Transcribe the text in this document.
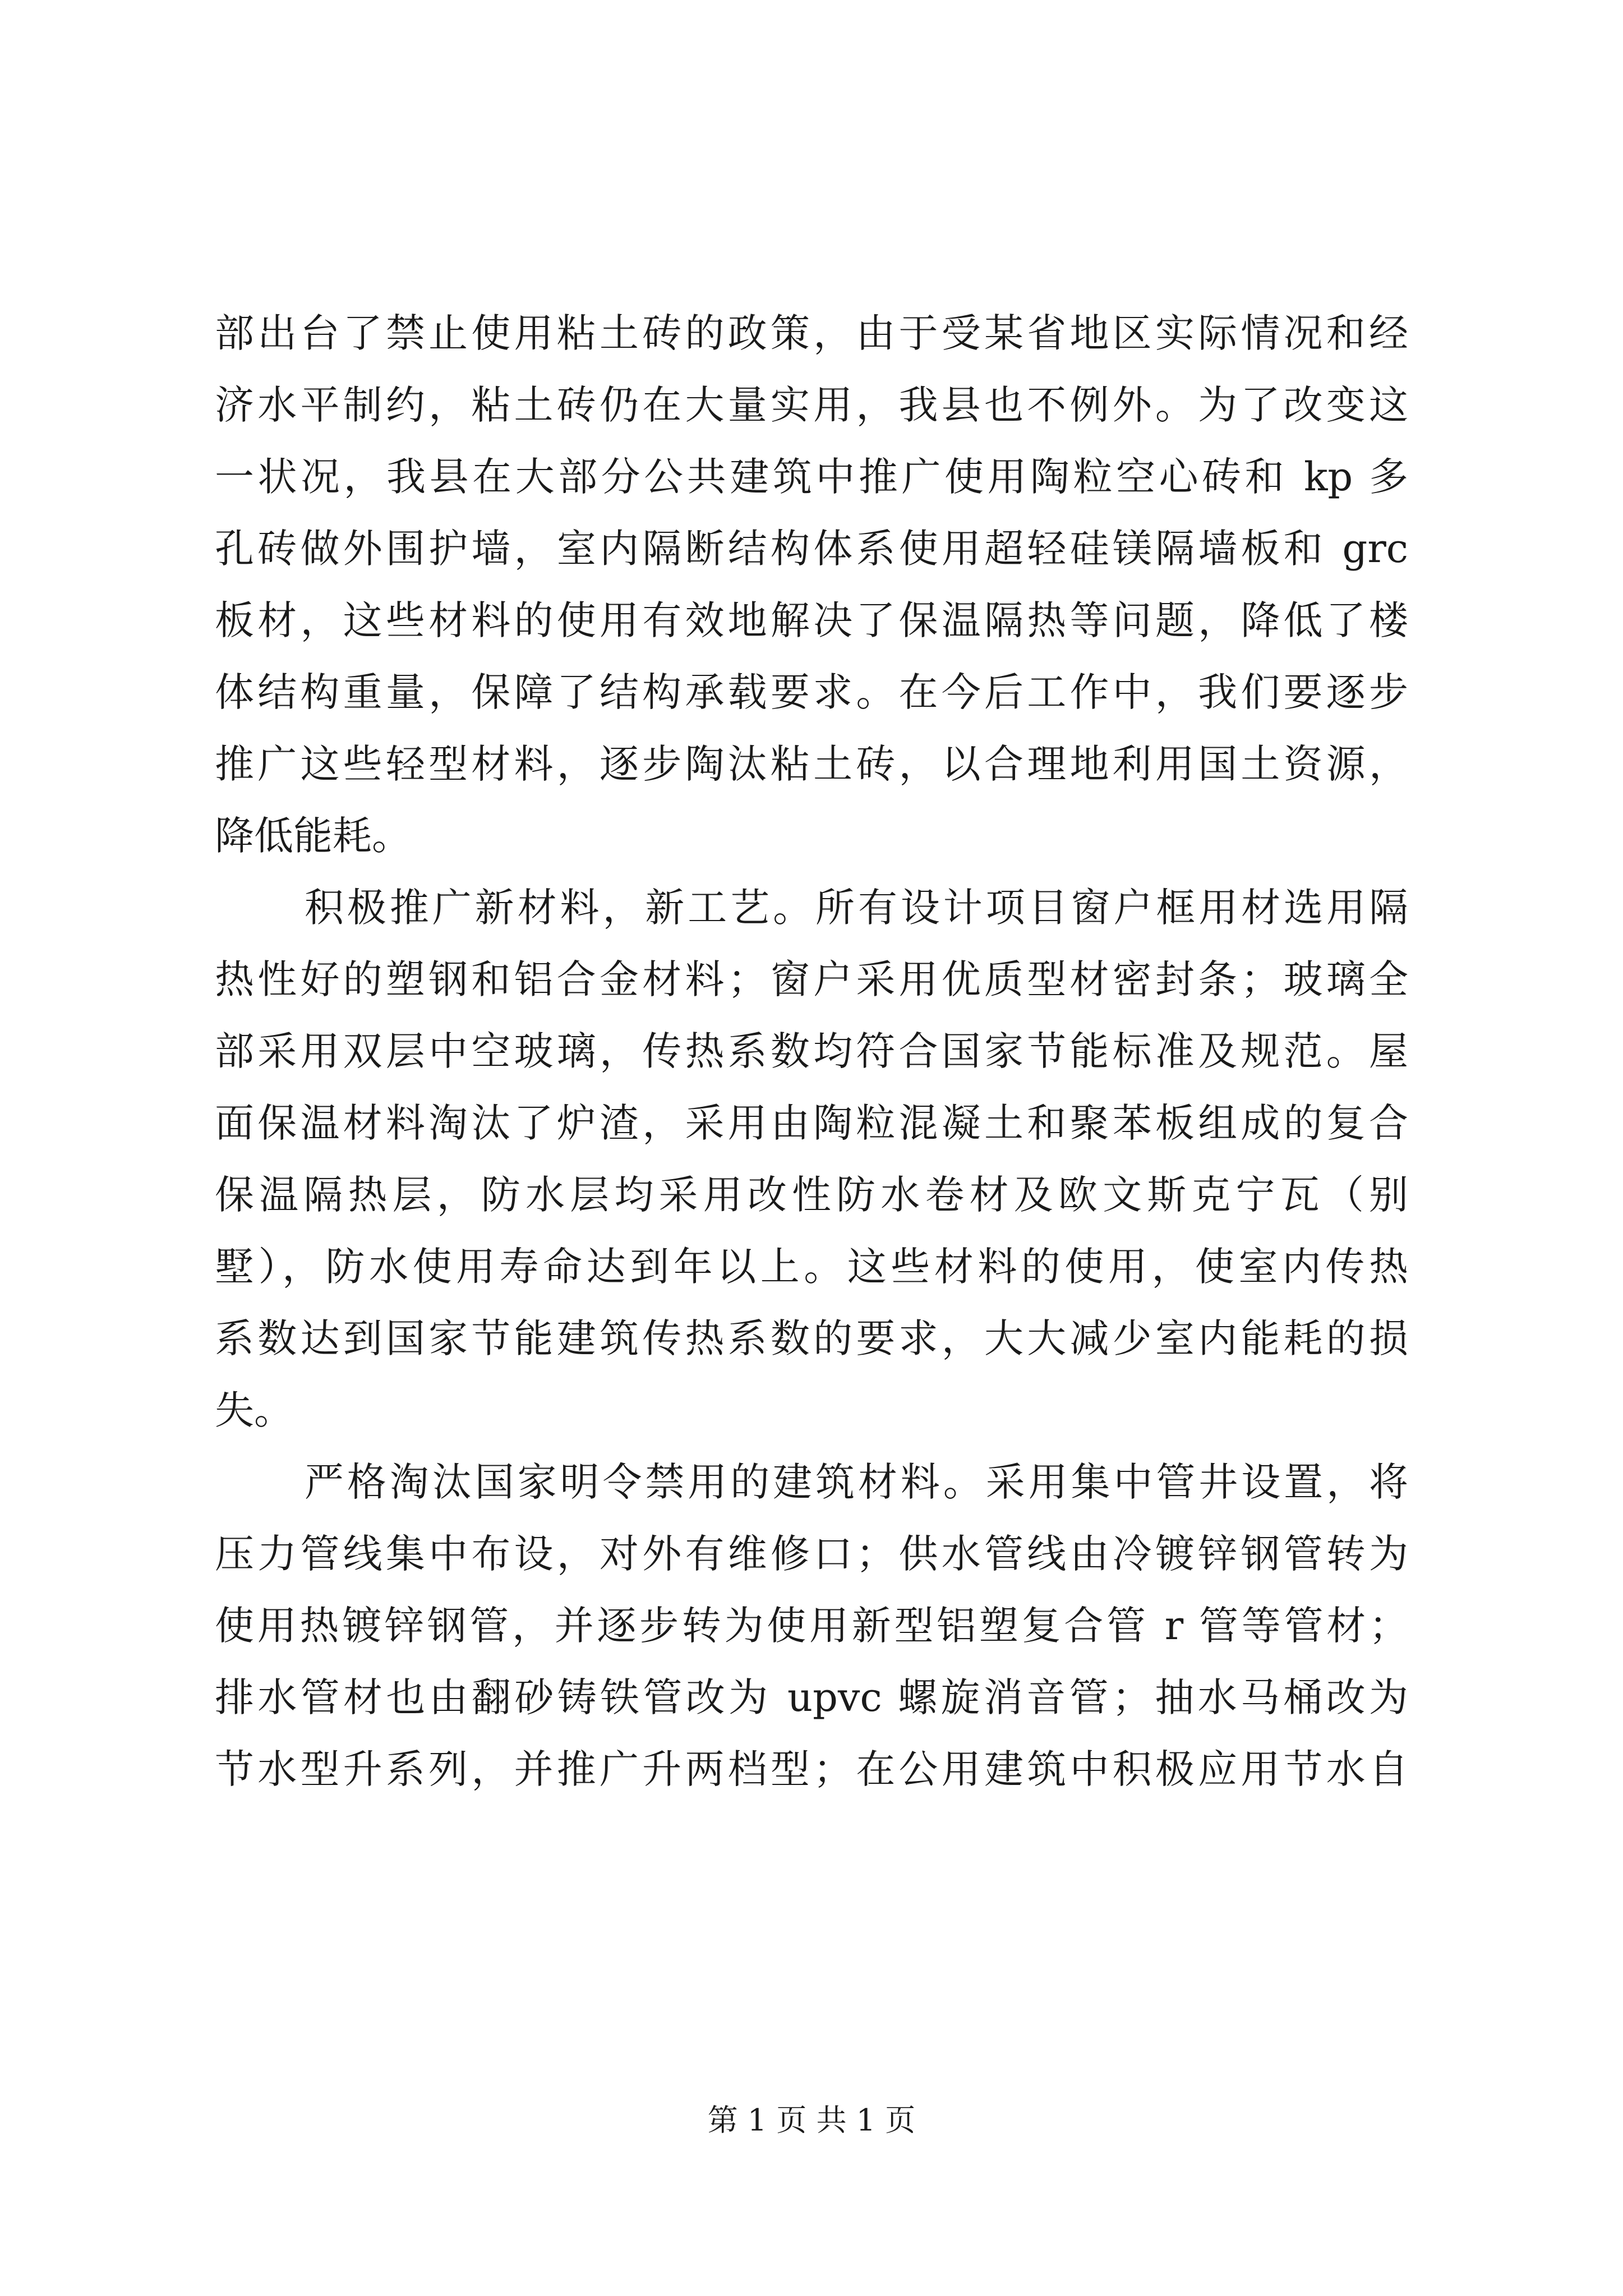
部出台了禁止使用粘土砖的政策，由于受某省地区实际情况和经
济水平制约，粘土砖仍在大量实用，我县也不例外。为了改变这
一状况，我县在大部分公共建筑中推广使用陶粒空心砖和 kp 多
孔砖做外围护墙，室内隔断结构体系使用超轻硅镁隔墙板和 grc
板材，这些材料的使用有效地解决了保温隔热等问题，降低了楼
体结构重量，保障了结构承载要求。在今后工作中，我们要逐步
推广这些轻型材料，逐步陶汰粘土砖，以合理地利用国土资源，
降低能耗。
积极推广新材料，新工艺。所有设计项目窗户框用材选用隔
热性好的塑钢和铝合金材料；窗户采用优质型材密封条；玻璃全
部采用双层中空玻璃，传热系数均符合国家节能标准及规范。屋
面保温材料淘汰了炉渣，采用由陶粒混凝土和聚苯板组成的复合
保温隔热层，防水层均采用改性防水卷材及欧文斯克宁瓦（别
墅），防水使用寿命达到年以上。这些材料的使用，使室内传热
系数达到国家节能建筑传热系数的要求，大大减少室内能耗的损
失。
严格淘汰国家明令禁用的建筑材料。采用集中管井设置，将
压力管线集中布设，对外有维修口；供水管线由冷镀锌钢管转为
使用热镀锌钢管，并逐步转为使用新型铝塑复合管 r 管等管材；
排水管材也由翻砂铸铁管改为 upvc 螺旋消音管；抽水马桶改为
节水型升系列，并推广升两档型；在公用建筑中积极应用节水自
第 1 页 共 1 页
